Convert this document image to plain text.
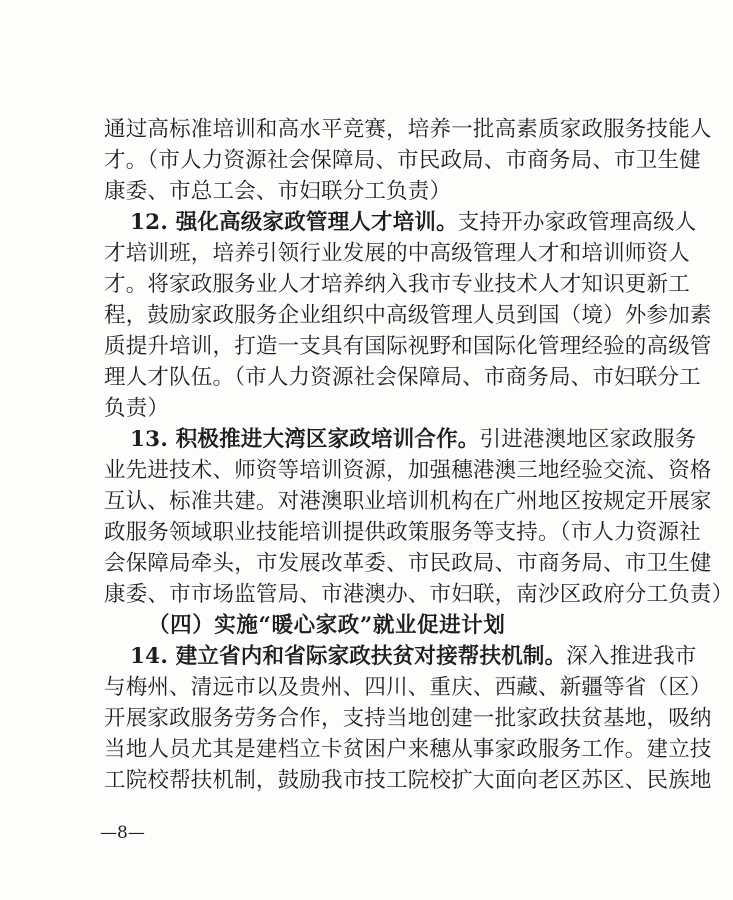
通过高标准培训和高水平竞赛，培养一批高素质家政服务技能人
才。（市人力资源社会保障局、市民政局、市商务局、市卫生健
康委、市总工会、市妇联分工负责）
12. 强化高级家政管理人才培训。支持开办家政管理高级人
才培训班，培养引领行业发展的中高级管理人才和培训师资人
才。将家政服务业人才培养纳入我市专业技术人才知识更新工
程，鼓励家政服务企业组织中高级管理人员到国（境）外参加素
质提升培训，打造一支具有国际视野和国际化管理经验的高级管
理人才队伍。（市人力资源社会保障局、市商务局、市妇联分工
负责）
13. 积极推进大湾区家政培训合作。引进港澳地区家政服务
业先进技术、师资等培训资源，加强穗港澳三地经验交流、资格
互认、标准共建。对港澳职业培训机构在广州地区按规定开展家
政服务领域职业技能培训提供政策服务等支持。（市人力资源社
会保障局牵头，市发展改革委、市民政局、市商务局、市卫生健
康委、市市场监管局、市港澳办、市妇联，南沙区政府分工负责）
（四）实施“暖心家政”就业促进计划
14. 建立省内和省际家政扶贫对接帮扶机制。深入推进我市
与梅州、清远市以及贵州、四川、重庆、西藏、新疆等省（区）
开展家政服务劳务合作，支持当地创建一批家政扶贫基地，吸纳
当地人员尤其是建档立卡贫困户来穗从事家政服务工作。建立技
工院校帮扶机制，鼓励我市技工院校扩大面向老区苏区、民族地
—8—
